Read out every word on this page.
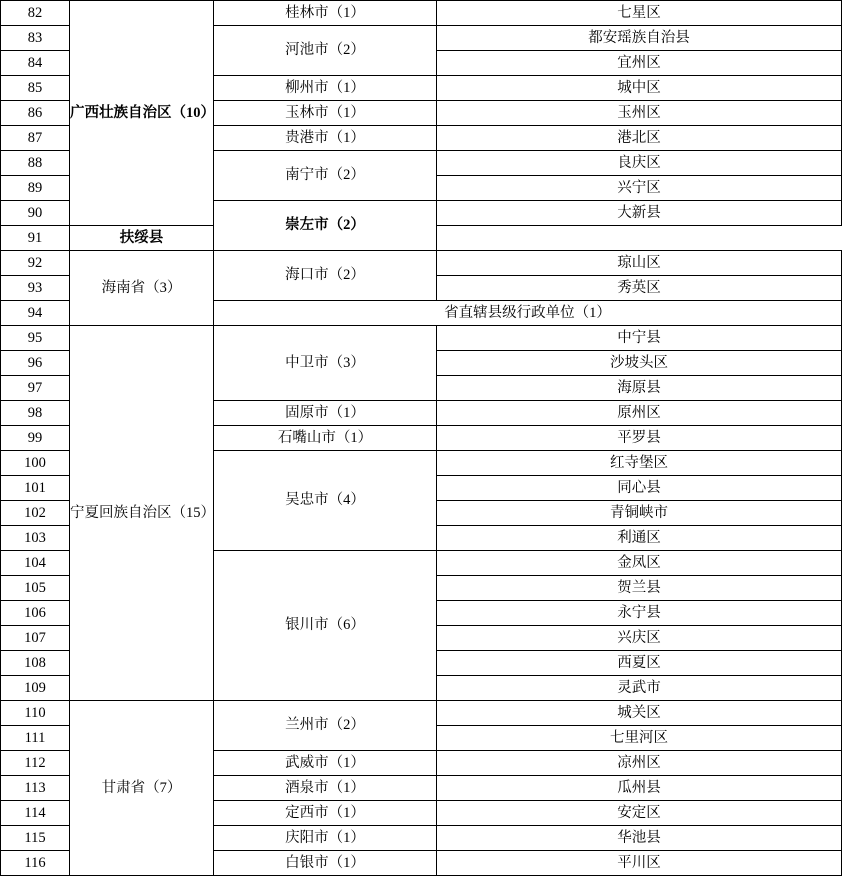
82	广西壮族自治区（10）	桂林市（1）	七星区	
83		河池市（2）	都安瑶族自治县	
84			宜州区	
85		柳州市（1）	城中区	
86		玉林市（1）	玉州区	
87		贵港市（1）	港北区	
88		南宁市（2）	良庆区	
89			兴宁区	
90		崇左市（2）	大新县	
91	扶绥县			
92	海南省（3）	海口市（2）	琼山区	
93			秀英区	
94		省直辖县级行政单位（1）	
95	宁夏回族自治区（15）	中卫市（3）	中宁县	
96			沙坡头区	
97			海原县	
98		固原市（1）	原州区	
99		石嘴山市（1）	平罗县	
100		吴忠市（4）	红寺堡区	
101			同心县	
102			青铜峡市	
103			利通区	
104		银川市（6）	金凤区	
105			贺兰县	
106			永宁县	
107			兴庆区	
108			西夏区	
109			灵武市	
110	甘肃省（7）	兰州市（2）	城关区	
111			七里河区	
112		武威市（1）	凉州区	
113		酒泉市（1）	瓜州县	
114		定西市（1）	安定区	
115		庆阳市（1）	华池县	
116		白银市（1）	平川区	
